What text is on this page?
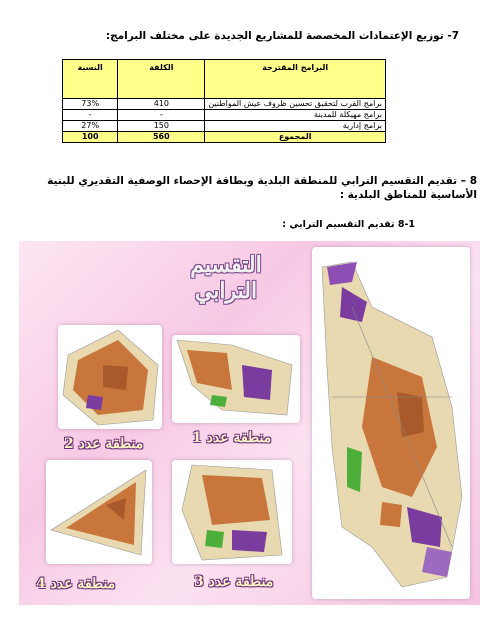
7- توزيع الإعتمادات المخصصة للمشاريع الجديدة على مختلف البرامج:
البرامج المقترحة	الكلفة	النسبة
برامج القرب لتحقيق تحسين ظروف عيش المواطنين	410	73%
برامج مهيكلة للمدينة	-	-
برامج إدارية	150	27%
المجموع	560	100
8 – تقديم التقسيم الترابي للمنطقة البلدية وبطاقة الإحصاء الوصفية التقديري للبنية الأساسية للمناطق البلدية :
8-1 تقديم التقسيم الترابي :
التقسيم الترابي
منطقة عدد 1
منطقة عدد 2
منطقة عدد 3
منطقة عدد 4
